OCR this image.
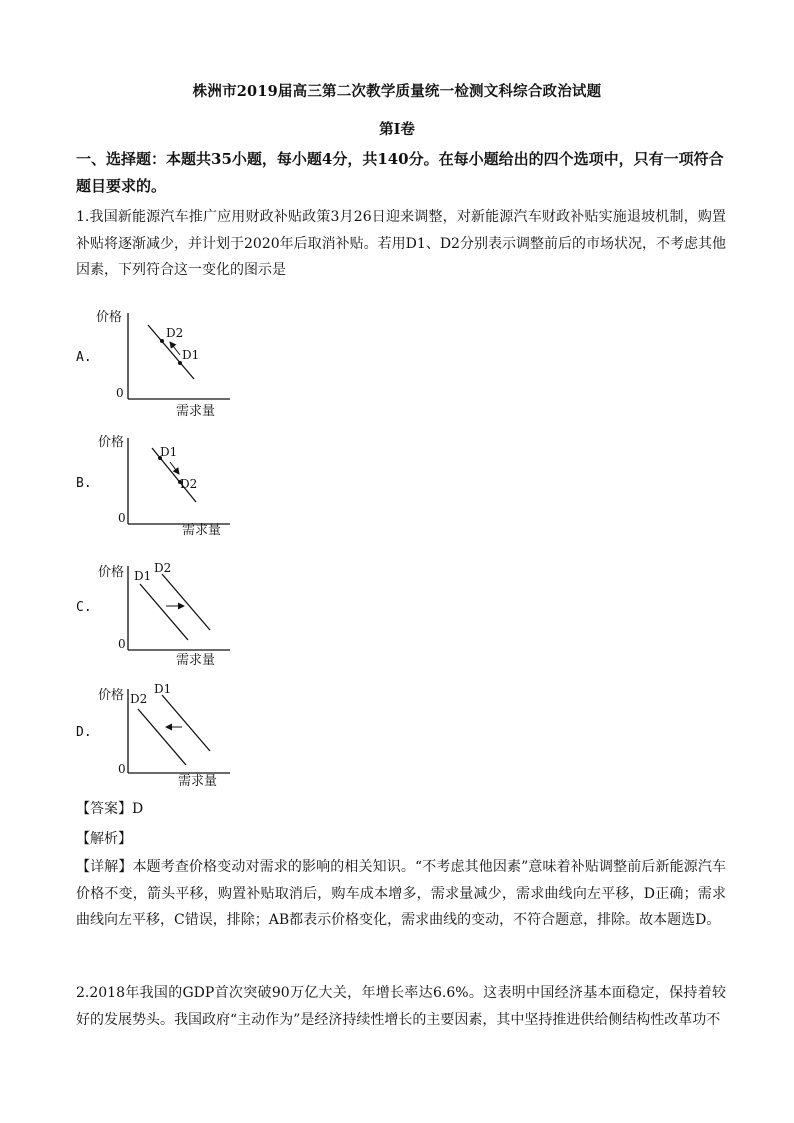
株洲市2019届高三第二次教学质量统一检测文科综合政治试题
第Ⅰ卷

一、选择题：本题共35小题，每小题4分，共140分。在每小题给出的四个选项中，只有一项符合题目要求的。

1.我国新能源汽车推广应用财政补贴政策3月26日迎来调整，对新能源汽车财政补贴实施退坡机制，购置补贴将逐渐减少，并计划于2020年后取消补贴。若用D1、D2分别表示调整前后的市场状况，不考虑其他因素，下列符合这一变化的图示是

A.
价格
0
需求量
D2
D1
B.
价格
0
需求量
D1
D2
C.
价格
0
需求量
D1
D2
D.
价格
0
需求量
D2
D1
【答案】D
【解析】

【详解】本题考查价格变动对需求的影响的相关知识。“不考虑其他因素”意味着补贴调整前后新能源汽车价格不变，箭头平移，购置补贴取消后，购车成本增多，需求量减少，需求曲线向左平移，D正确；需求曲线向左平移，C错误，排除；AB都表示价格变化，需求曲线的变动，不符合题意，排除。故本题选D。

2.2018年我国的GDP首次突破90万亿大关，年增长率达6.6%。这表明中国经济基本面稳定，保持着较好的发展势头。我国政府“主动作为”是经济持续性增长的主要因素，其中坚持推进供给侧结构性改革功不
